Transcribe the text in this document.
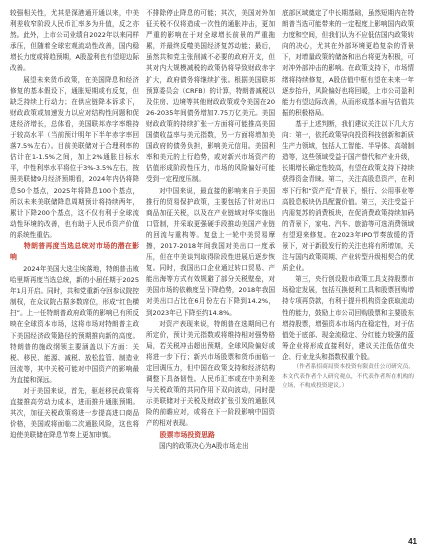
较强相关性，尤其是深港通开通以来，中美利差收窄阶段人民币汇率多为升值，反之亦然。此外，上市公司业绩自2022年以来同样承压，但随着全球宏观流动性改善，国内稳增长力度或将趋预期，A股盈利也有望迎边际改善。

展望未来货币政策，在美国降息和经济修复的基本假设下，通胀短期或有反复，但缺乏持续上行动力；在供应链降本诉求下，财政政策或加速发力以应对结构性问题和促进经济增长，总体看，美国联邦赤字率维持于较高水平（当前预计明年下半年赤字率回落7.5%左右）。目前美联储对于合理利率的估计在1-1.5%之间，加上2%通胀目标水平，中性利率水平将位于3%-3.5%左右，按照美联储9月经济预期看，2024年内仍将降息50个基点，2025年将降息100个基点，所以未来美联储降息周期预计将持续两年，累计下降200个基点，这不仅有利于全球流动性环境的改善，也有助于人民币资产价值的系统性重估。

特朗普再度当选总统对市场的潜在影响

2024年美国大选尘埃落地，特朗普击败哈里斯再度当选总统，新的小届任期于2025年1月开启。同时，共和党重新夺回参议院控制权，在众议院占据多数席位，形成“红色横扫”。上一任特朗普政府政策的影响已有所反映在全球资本市场，这将市场对特朗普主政下美国经济政策路径的预期推向新的高度。特朗普的施政纲领主要涵盖以下方面：关税、移民、能源、减税、放松监管、制造业回流等，其中关税可能对中国资产的影响最为直接和深远。

对于美国来说，首先，驱赶移民政策将直接推高劳动力成本，进而推升通胀预期。其次，加征关税政策将进一步提高进口商品价格，美国或将面临二次通胀风险，这也将迫使美联储在降息节奏上更加审慎。

不排除停止降息的可能；其次，美国对外加征关税不仅将造成一次性的通胀冲击，更加严重的影响在于对全球增长前景的严重拖累，并最终反噬美国经济复苏动能；最后，虽然共和党主张削减不必要的政府开支，但其对内大规模减税的政策仍将导致财政赤字扩大，政府债务将继续扩张。根据美国联邦预算委员会（CRFB）的计算，特朗普减税以及住房、边境等其他财政政策或令美国在2026-2035年间债务增加7.75万亿美元。美国财政政策的持续扩张一方面将可能推高美国国债收益率与美元指数，另一方面将增加美国政府的债务负担，影响美元信用。美国利率和美元的上行趋势，或对新兴市场资产的估值形成阶段性压力，市场的风险偏好可能受到一定程度压制。

对中国来说，最直接的影响来自于美国推行的贸易保护政策，主要包括了针对出口商品加征关税，以及在产业链域对华实施出口管制，并采取更强硬手段推动美国产业链的回流与重构等。复盘上一轮中美贸易摩擦，2017-2018年间我国对美出口一度承压，但在中美谈判取得阶段性进展后逐步恢复。同时，我国出口企业通过转口贸易、产能出海等方式有效规避了部分关税壁垒，对美国市场的依赖度呈下降趋势，2018年我国对美出口占比在6月份左右下降到14.2%，到2023年已下降至约14.8%。

对资产表现来说，特朗普在选期间已有所定价，预计美元指数或将维持相对强势格局，若关税冲击超出预期，全球风险偏好或将进一步下行；新兴市场股票和货币面临一定回调压力，但中国在政策支持和经济结构调整下具备韧性。人民币汇率或在中美利差与关税政策的共同作用下双向波动，同时提示美联储对于关税及财政扩张引发的通胀风险的前瞻应对，或将在下一阶段影响中国资产的相对表现。

股票市场投资思路

国内的政策决心为A股市场走出

底部区域奠定了中长期基础，虽然短期内在特朗普当选可能带来的一定程度上影响国内政策力度和空间，但我们认为不应低估国内政策转向的决心，尤其在外部环境更趋复杂的背景下，对增量政策的储备和出台将更为积极，可对冲外部冲击的影响。在政策支持下，市场情绪将持续修复，A股估值中枢有望在未来一年逐步抬升，风险偏好也将回暖，上市公司盈利能力有望边际改善，从而形成基本面与估值共振的积极格局。

基于上述判断，我们建议关注以下几大方向：第一，依托政策导向投资科技创新和新质生产力领域，包括人工智能、半导体、高端制造等，这些领域受益于国产替代和产业升级，长期增长确定性较高，有望在政策支持下持续获得资金青睐。第二，关注高股息资产，在利率下行和“资产荒”背景下，银行、公用事业等高股息板块仍具配置价值。第三，关注受益于内需复苏的消费板块，在促消费政策持续加码的背景下，家电、汽车、旅游等可选消费领域有望迎来修复。在2023年IPO节奏放缓的背景下，对于新股发行的关注也将有所增加，关注与国内政策周期、产业转型升级相契合的优质企业。

第三，央行创设股市政策工具支持股票市场稳定发展，包括互换便利工具和股票回购增持专项再贷款，有利于提升机构资金获取流动性的能力，鼓励上市公司回购股票和主要股东增持股票，增强资本市场内在稳定性，对于估值处于底部、现金流稳定、分红能力较强的蓝筹企业将形成直接利好，建议关注低估值央企、行业龙头和指数权重个股。

（作者系招商局资本投资有限责任公司研究员，本文代表作者个人研究观点，不代表作者所在机构的立场，不构成投资建议。）

41
